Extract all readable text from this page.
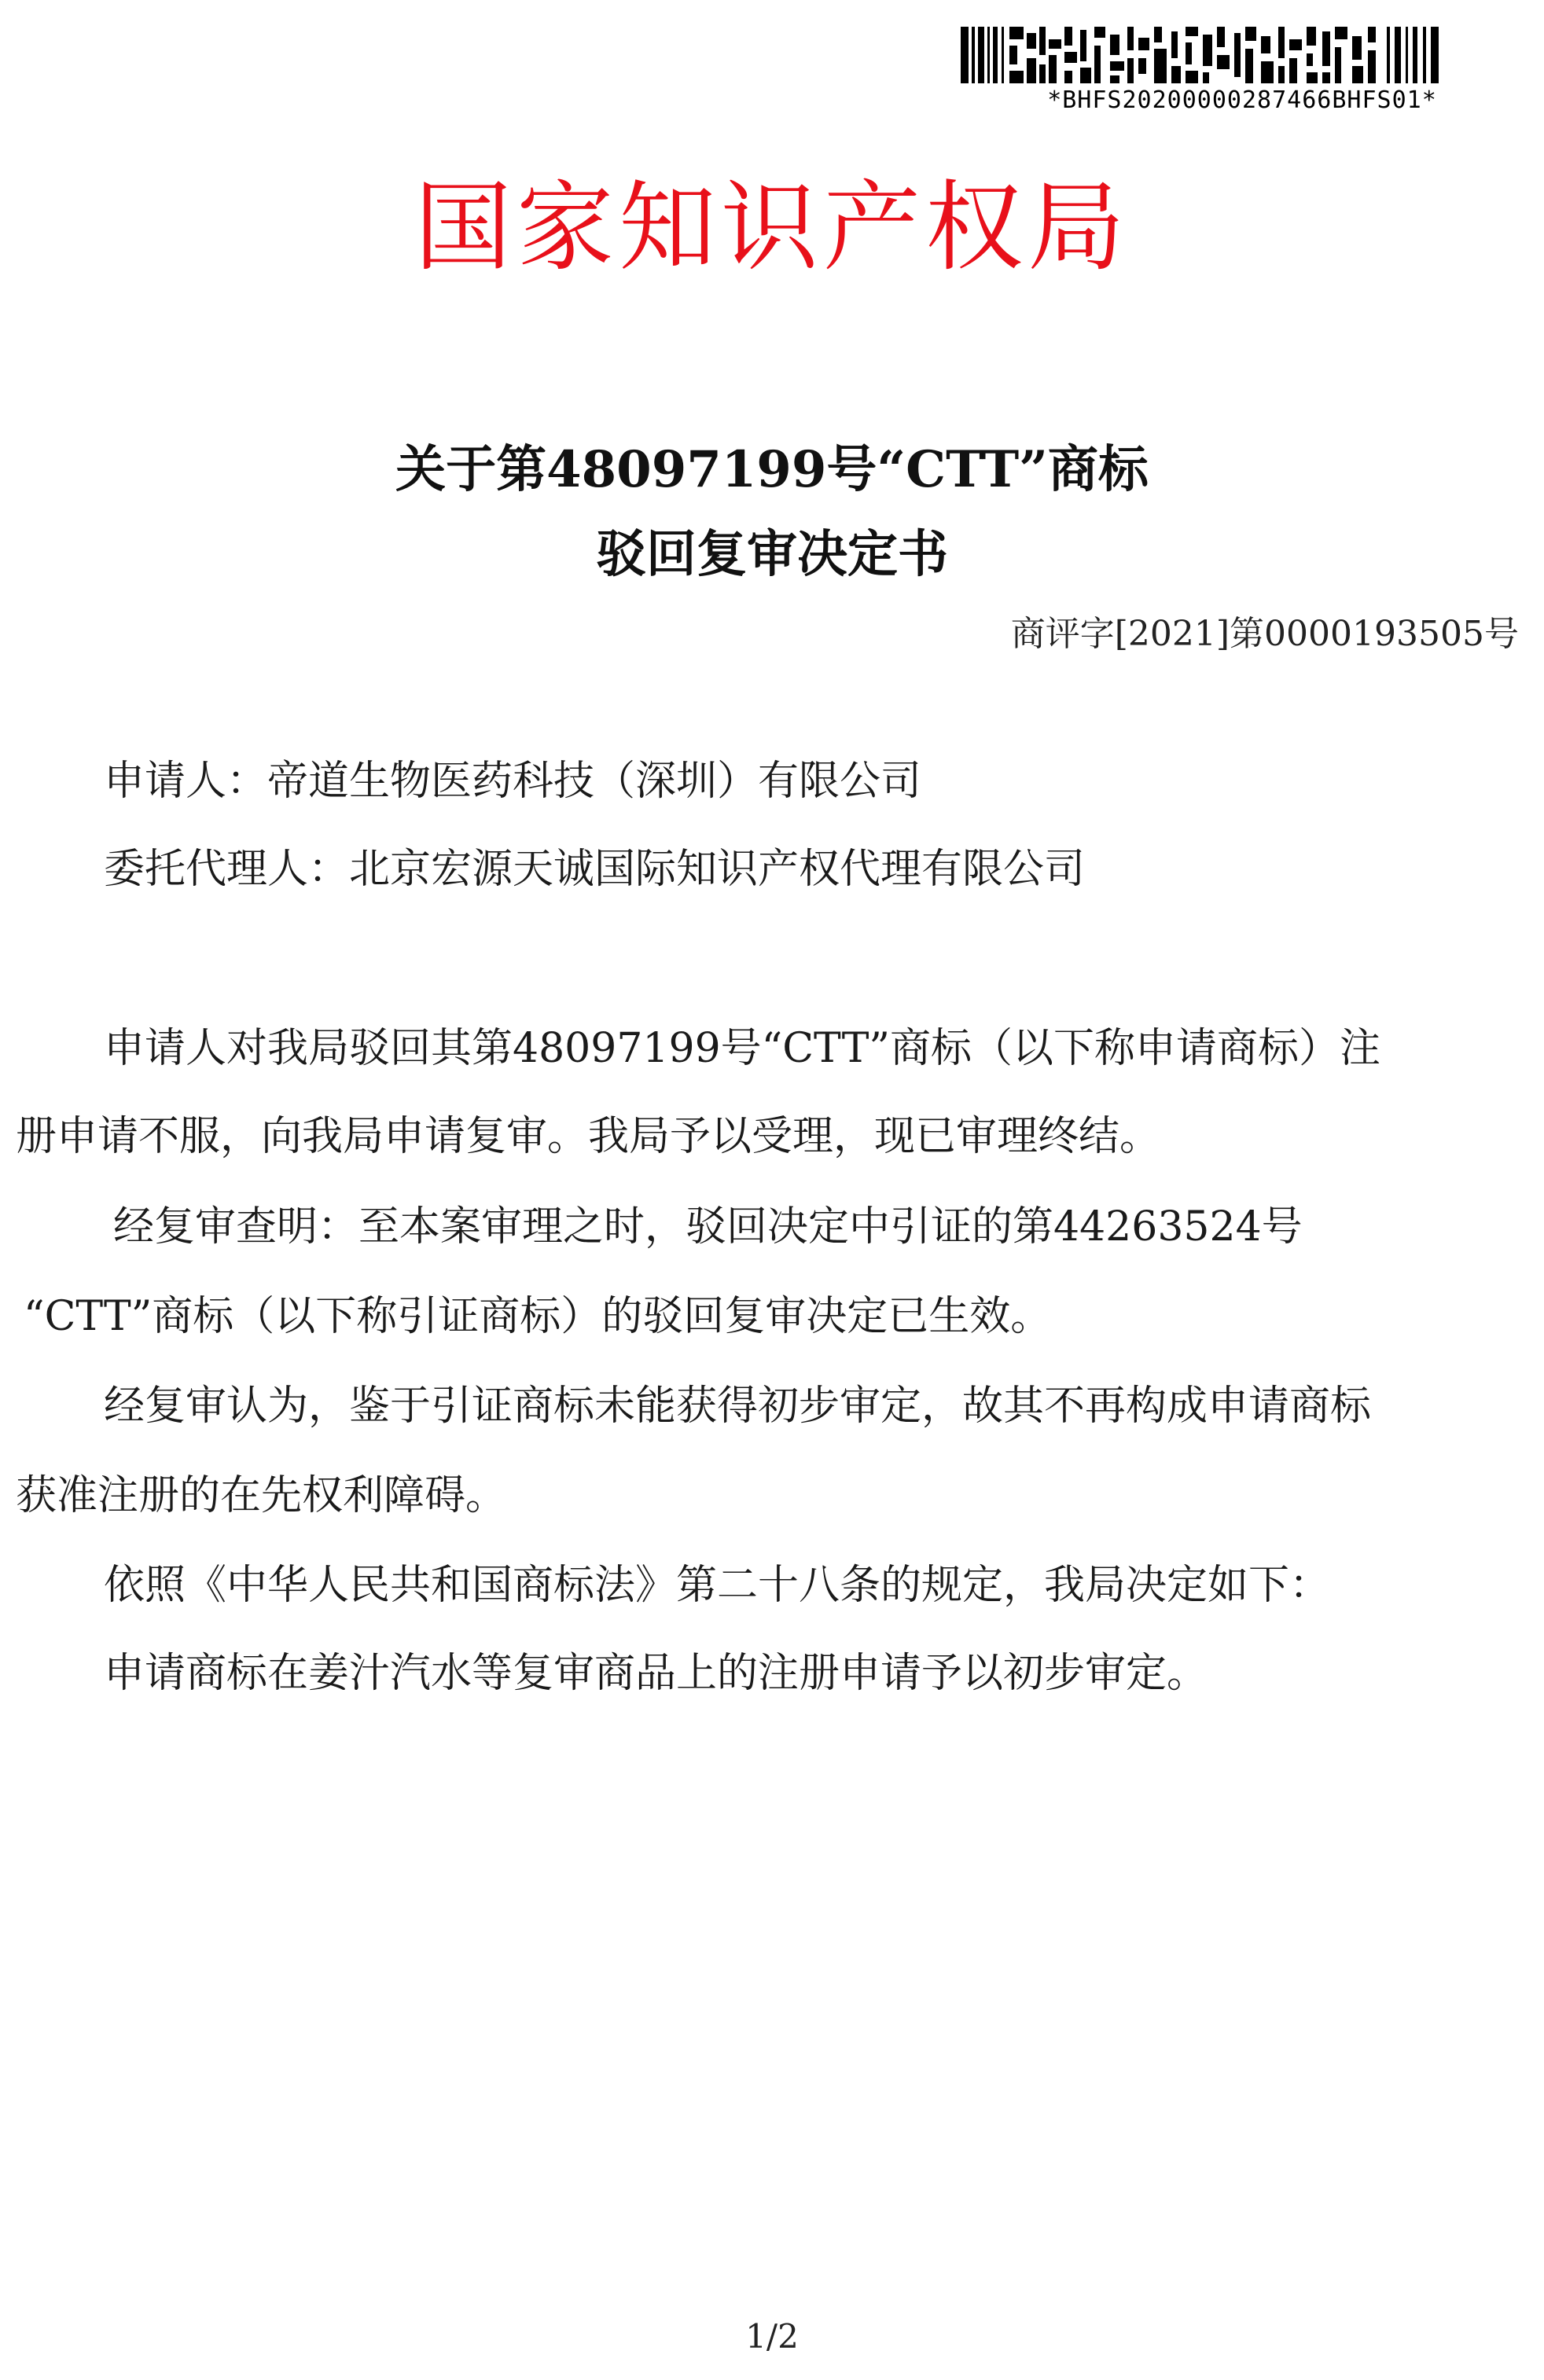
*BHFS20200000287466BHFS01*
国家知识产权局
关于第48097199号“CTT”商标
驳回复审决定书
商评字[2021]第0000193505号
申请人：帝道生物医药科技（深圳）有限公司
委托代理人：北京宏源天诚国际知识产权代理有限公司
申请人对我局驳回其第48097199号“CTT”商标（以下称申请商标）注
册申请不服，向我局申请复审。我局予以受理，现已审理终结。
经复审查明：至本案审理之时，驳回决定中引证的第44263524号
“CTT”商标（以下称引证商标）的驳回复审决定已生效。
经复审认为，鉴于引证商标未能获得初步审定，故其不再构成申请商标
获准注册的在先权利障碍。
依照《中华人民共和国商标法》第二十八条的规定，我局决定如下：
申请商标在姜汁汽水等复审商品上的注册申请予以初步审定。
1/2
